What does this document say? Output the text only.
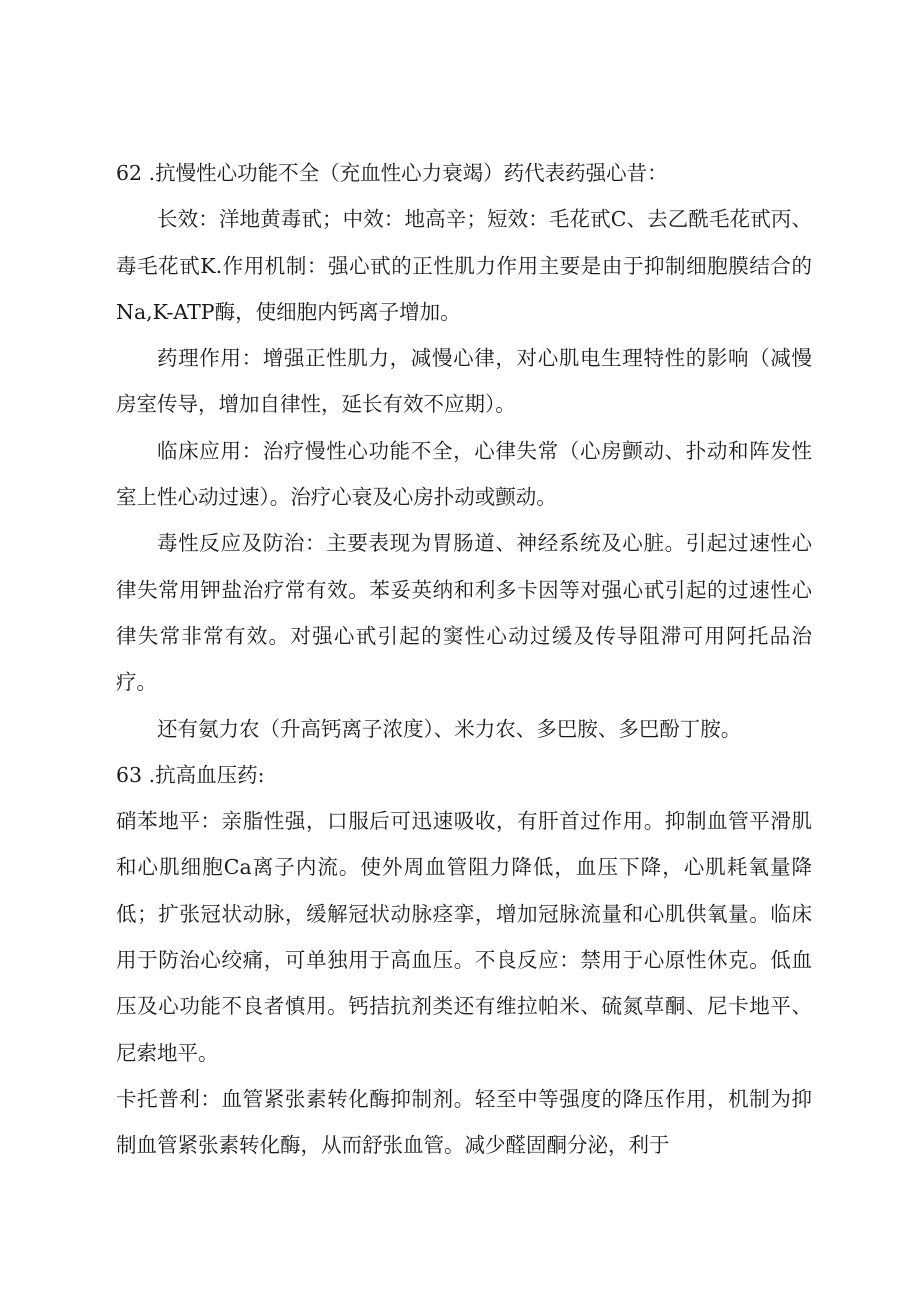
62 .抗慢性心功能不全（充血性心力衰竭）药代表药强心昔：

长效：洋地黄毒甙；中效：地高辛；短效：毛花甙C、去乙酰毛花甙丙、毒毛花甙K.作用机制：强心甙的正性肌力作用主要是由于抑制细胞膜结合的Na,K-ATP酶，使细胞内钙离子增加。

药理作用：增强正性肌力，减慢心律，对心肌电生理特性的影响（减慢房室传导，增加自律性，延长有效不应期）。

临床应用：治疗慢性心功能不全，心律失常（心房颤动、扑动和阵发性室上性心动过速）。治疗心衰及心房扑动或颤动。

毒性反应及防治：主要表现为胃肠道、神经系统及心脏。引起过速性心律失常用钾盐治疗常有效。苯妥英纳和利多卡因等对强心甙引起的过速性心律失常非常有效。对强心甙引起的窦性心动过缓及传导阻滞可用阿托品治疗。

还有氨力农（升高钙离子浓度）、米力农、多巴胺、多巴酚丁胺。

63 .抗高血压药:

硝苯地平：亲脂性强，口服后可迅速吸收，有肝首过作用。抑制血管平滑肌和心肌细胞Ca离子内流。使外周血管阻力降低，血压下降，心肌耗氧量降低；扩张冠状动脉，缓解冠状动脉痉挛，增加冠脉流量和心肌供氧量。临床用于防治心绞痛，可单独用于高血压。不良反应：禁用于心原性休克。低血压及心功能不良者慎用。钙拮抗剂类还有维拉帕米、硫氮草酮、尼卡地平、尼索地平。

卡托普利：血管紧张素转化酶抑制剂。轻至中等强度的降压作用，机制为抑制血管紧张素转化酶，从而舒张血管。减少醛固酮分泌，利于
